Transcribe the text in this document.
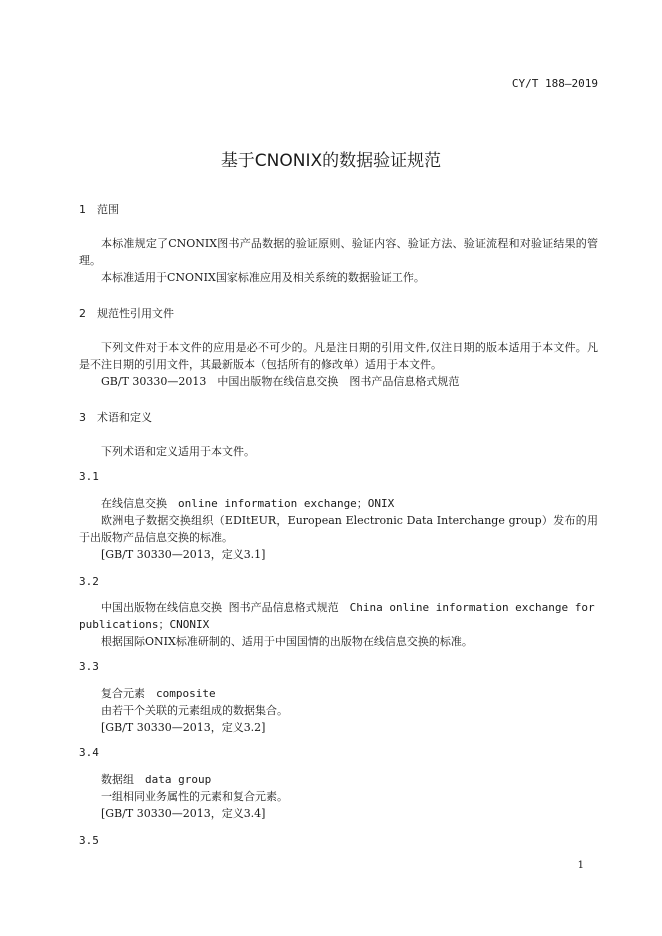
CY/T 188—2019
基于CNONIX的数据验证规范
1 范围
本标准规定了CNONIX图书产品数据的验证原则、验证内容、验证方法、验证流程和对验证结果的管理。
本标准适用于CNONIX国家标准应用及相关系统的数据验证工作。
2 规范性引用文件
下列文件对于本文件的应用是必不可少的。凡是注日期的引用文件,仅注日期的版本适用于本文件。凡是不注日期的引用文件，其最新版本（包括所有的修改单）适用于本文件。
GB/T 30330—2013　中国出版物在线信息交换　图书产品信息格式规范
3 术语和定义
下列术语和定义适用于本文件。
3.1
在线信息交换　online information exchange；ONIX
欧洲电子数据交换组织（EDItEUR，European Electronic Data Interchange group）发布的用于出版物产品信息交换的标准。
[GB/T 30330—2013，定义3.1]
3.2
中国出版物在线信息交换 图书产品信息格式规范　China online information exchange for publications；CNONIX
根据国际ONIX标准研制的、适用于中国国情的出版物在线信息交换的标准。
3.3
复合元素　composite
由若干个关联的元素组成的数据集合。
[GB/T 30330—2013，定义3.2]
3.4
数据组　data group
一组相同业务属性的元素和复合元素。
[GB/T 30330—2013，定义3.4]
3.5
1
